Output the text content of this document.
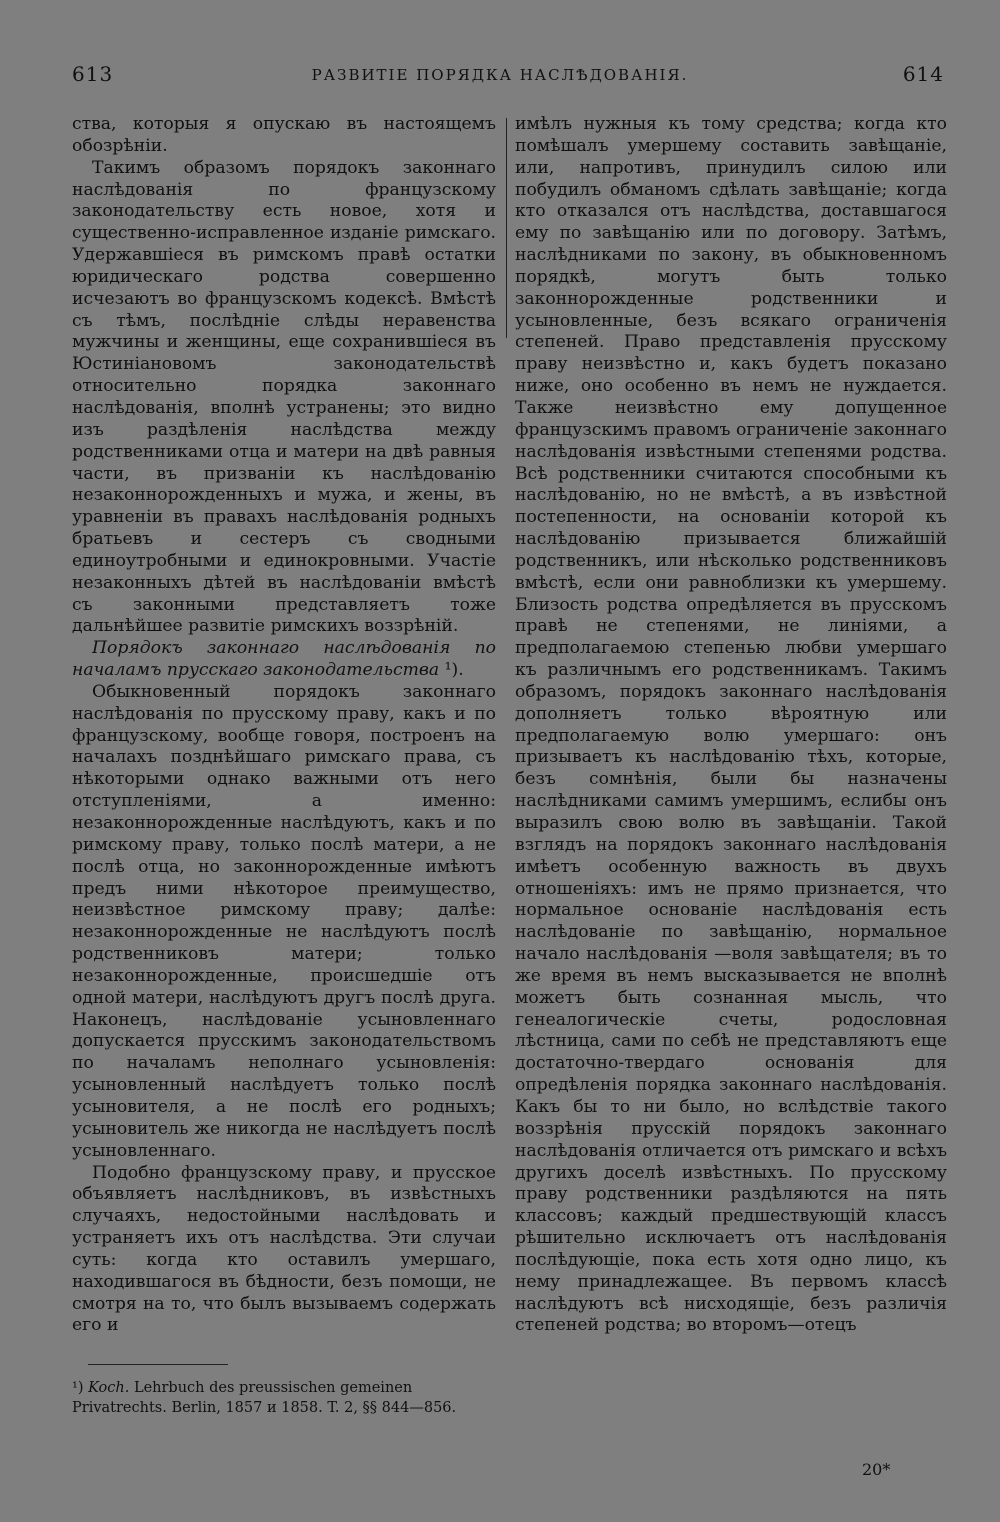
613	РАЗВИТІЕ ПОРЯДКА НАСЛѢДОВАНІЯ.	614

ства, которыя я опускаю въ настоящемъ обозрѣніи.

Такимъ образомъ порядокъ законнаго наслѣдованія по французскому законодательству есть новое, хотя и существенно-исправленное изданіе римскаго. Удержавшіеся въ римскомъ правѣ остатки юридическаго родства совершенно исчезаютъ во французскомъ кодексѣ. Вмѣстѣ съ тѣмъ, послѣдніе слѣды неравенства мужчины и женщины, еще сохранившіеся въ Юстиніановомъ законодательствѣ относительно порядка законнаго наслѣдованія, вполнѣ устранены; это видно изъ раздѣленія наслѣдства между родственниками отца и матери на двѣ равныя части, въ призваніи къ наслѣдованію незаконнорожденныхъ и мужа, и жены, въ уравненіи въ правахъ наслѣдованія родныхъ братьевъ и сестеръ съ сводными единоутробными и единокровными. Участіе незаконныхъ дѣтей въ наслѣдованіи вмѣстѣ съ законными представляетъ тоже дальнѣйшее развитіе римскихъ воззрѣній.

Порядокъ законнаго наслѣдованія по началамъ прусскаго законодательства ¹).

Обыкновенный порядокъ законнаго наслѣдованія по прусскому праву, какъ и по французскому, вообще говоря, построенъ на началахъ позднѣйшаго римскаго права, съ нѣкоторыми однако важными отъ него отступленіями, а именно: незаконнорожденные наслѣдуютъ, какъ и по римскому праву, только послѣ матери, а не послѣ отца, но законнорожденные имѣютъ предъ ними нѣкоторое преимущество, неизвѣстное римскому праву; далѣе: незаконнорожденные не наслѣдуютъ послѣ родственниковъ матери; только незаконнорожденные, происшедшіе отъ одной матери, наслѣдуютъ другъ послѣ друга. Наконецъ, наслѣдованіе усыновленнаго допускается прусскимъ законодательствомъ по началамъ неполнаго усыновленія: усыновленный наслѣдуетъ только послѣ усыновителя, а не послѣ его родныхъ; усыновитель же никогда не наслѣдуетъ послѣ усыновленнаго.

Подобно французскому праву, и прусское объявляетъ наслѣдниковъ, въ извѣстныхъ случаяхъ, недостойными наслѣдовать и устраняетъ ихъ отъ наслѣдства. Эти случаи суть: когда кто оставилъ умершаго, находившагося въ бѣдности, безъ помощи, не смотря на то, что былъ вызываемъ содержать его и

имѣлъ нужныя къ тому средства; когда кто помѣшалъ умершему составить завѣщаніе, или, напротивъ, принудилъ силою или побудилъ обманомъ сдѣлать завѣщаніе; когда кто отказался отъ наслѣдства, доставшагося ему по завѣщанію или по договору. Затѣмъ, наслѣдниками по закону, въ обыкновенномъ порядкѣ, могутъ быть только законнорожденные родственники и усыновленные, безъ всякаго ограниченія степеней. Право представленія прусскому праву неизвѣстно и, какъ будетъ показано ниже, оно особенно въ немъ не нуждается. Также неизвѣстно ему допущенное французскимъ правомъ ограниченіе законнаго наслѣдованія извѣстными степенями родства. Всѣ родственники считаются способными къ наслѣдованію, но не вмѣстѣ, а въ извѣстной постепенности, на основаніи которой къ наслѣдованію призывается ближайшій родственникъ, или нѣсколько родственниковъ вмѣстѣ, если они равноблизки къ умершему. Близость родства опредѣляется въ прусскомъ правѣ не степенями, не линіями, а предполагаемою степенью любви умершаго къ различнымъ его родственникамъ. Такимъ образомъ, порядокъ законнаго наслѣдованія дополняетъ только вѣроятную или предполагаемую волю умершаго: онъ призываетъ къ наслѣдованію тѣхъ, которые, безъ сомнѣнія, были бы назначены наслѣдниками самимъ умершимъ, еслибы онъ выразилъ свою волю въ завѣщаніи. Такой взглядъ на порядокъ законнаго наслѣдованія имѣетъ особенную важность въ двухъ отношеніяхъ: имъ не прямо признается, что нормальное основаніе наслѣдованія есть наслѣдованіе по завѣщанію, нормальное начало наслѣдованія —воля завѣщателя; въ то же время въ немъ высказывается не вполнѣ можетъ быть сознанная мысль, что генеалогическіе счеты, родословная лѣстница, сами по себѣ не представляютъ еще достаточно-твердаго основанія для опредѣленія порядка законнаго наслѣдованія. Какъ бы то ни было, но вслѣдствіе такого воззрѣнія прусскій порядокъ законнаго наслѣдованія отличается отъ римскаго и всѣхъ другихъ доселѣ извѣстныхъ. По прусскому праву родственники раздѣляются на пять классовъ; каждый предшествующій классъ рѣшительно исключаетъ отъ наслѣдованія послѣдующіе, пока есть хотя одно лицо, къ нему принадлежащее. Въ первомъ классѣ наслѣдуютъ всѣ нисходящіе, безъ различія степеней родства; во второмъ—отецъ

¹) Koch. Lehrbuch des preussischen gemeinen Privatrechts. Berlin, 1857 и 1858. T. 2, §§ 844—856.
20*
